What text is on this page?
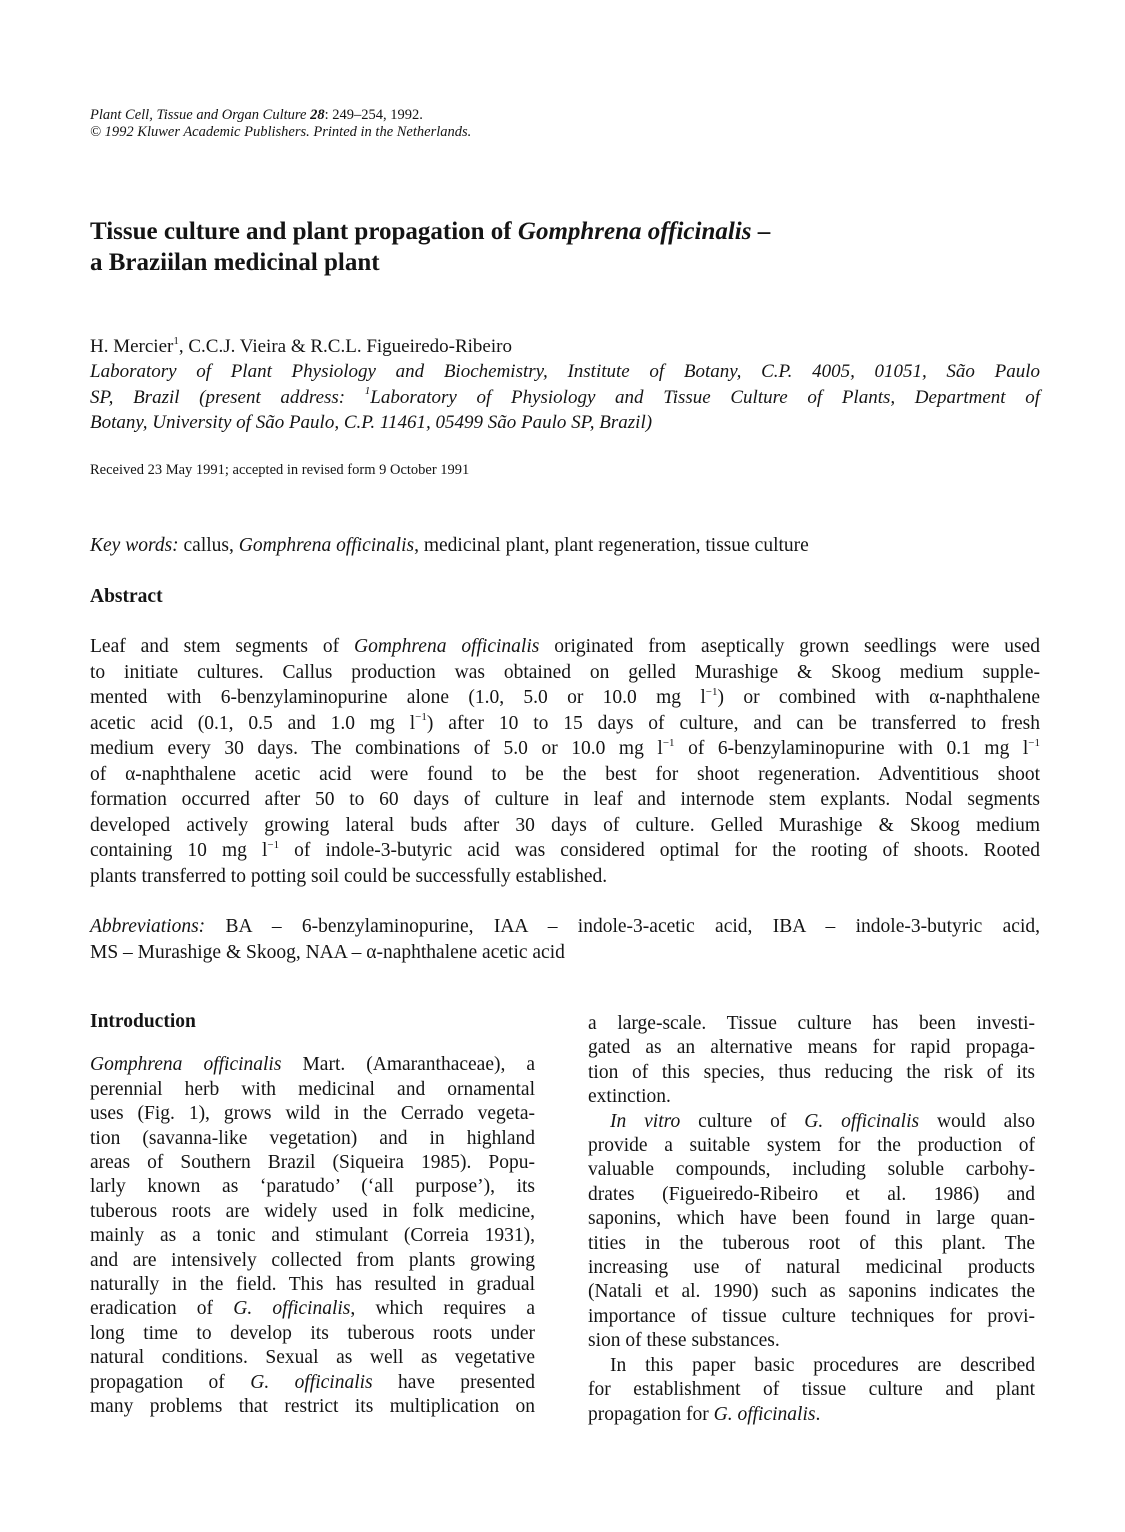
Plant Cell, Tissue and Organ Culture 28: 249–254, 1992.
© 1992 Kluwer Academic Publishers. Printed in the Netherlands.
Tissue culture and plant propagation of Gomphrena officinalis –
a Braziilan medicinal plant
H. Mercier$^1$, C.C.J. Vieira & R.C.L. Figueiredo-Ribeiro
Laboratory of Plant Physiology and Biochemistry, Institute of Botany, C.P. 4005, 01051, São Paulo
SP, Brazil (present address: $^1$Laboratory of Physiology and Tissue Culture of Plants, Department of
Botany, University of São Paulo, C.P. 11461, 05499 São Paulo SP, Brazil)
Received 23 May 1991; accepted in revised form 9 October 1991
Key words: callus, Gomphrena officinalis, medicinal plant, plant regeneration, tissue culture
Abstract
Leaf and stem segments of Gomphrena officinalis originated from aseptically grown seedlings were used
to initiate cultures. Callus production was obtained on gelled Murashige & Skoog medium supple-
mented with 6-benzylaminopurine alone (1.0, 5.0 or 10.0 mg $l^{-1}$) or combined with α-naphthalene
acetic acid (0.1, 0.5 and 1.0 mg $l^{-1}$) after 10 to 15 days of culture, and can be transferred to fresh
medium every 30 days. The combinations of 5.0 or 10.0 mg $l^{-1}$ of 6-benzylaminopurine with 0.1 mg $l^{-1}$
of α-naphthalene acetic acid were found to be the best for shoot regeneration. Adventitious shoot
formation occurred after 50 to 60 days of culture in leaf and internode stem explants. Nodal segments
developed actively growing lateral buds after 30 days of culture. Gelled Murashige & Skoog medium
containing 10 mg $l^{-1}$ of indole-3-butyric acid was considered optimal for the rooting of shoots. Rooted
plants transferred to potting soil could be successfully established.
Abbreviations: BA – 6-benzylaminopurine, IAA – indole-3-acetic acid, IBA – indole-3-butyric acid,
MS – Murashige & Skoog, NAA – α-naphthalene acetic acid
Introduction
Gomphrena officinalis Mart. (Amaranthaceae), a
perennial herb with medicinal and ornamental
uses (Fig. 1), grows wild in the Cerrado vegeta-
tion (savanna-like vegetation) and in highland
areas of Southern Brazil (Siqueira 1985). Popu-
larly known as ‘paratudo’ (‘all purpose’), its
tuberous roots are widely used in folk medicine,
mainly as a tonic and stimulant (Correia 1931),
and are intensively collected from plants growing
naturally in the field. This has resulted in gradual
eradication of G. officinalis, which requires a
long time to develop its tuberous roots under
natural conditions. Sexual as well as vegetative
propagation of G. officinalis have presented
many problems that restrict its multiplication on
a large-scale. Tissue culture has been investi-
gated as an alternative means for rapid propaga-
tion of this species, thus reducing the risk of its
extinction.
In vitro culture of G. officinalis would also
provide a suitable system for the production of
valuable compounds, including soluble carbohy-
drates (Figueiredo-Ribeiro et al. 1986) and
saponins, which have been found in large quan-
tities in the tuberous root of this plant. The
increasing use of natural medicinal products
(Natali et al. 1990) such as saponins indicates the
importance of tissue culture techniques for provi-
sion of these substances.
In this paper basic procedures are described
for establishment of tissue culture and plant
propagation for G. officinalis.
